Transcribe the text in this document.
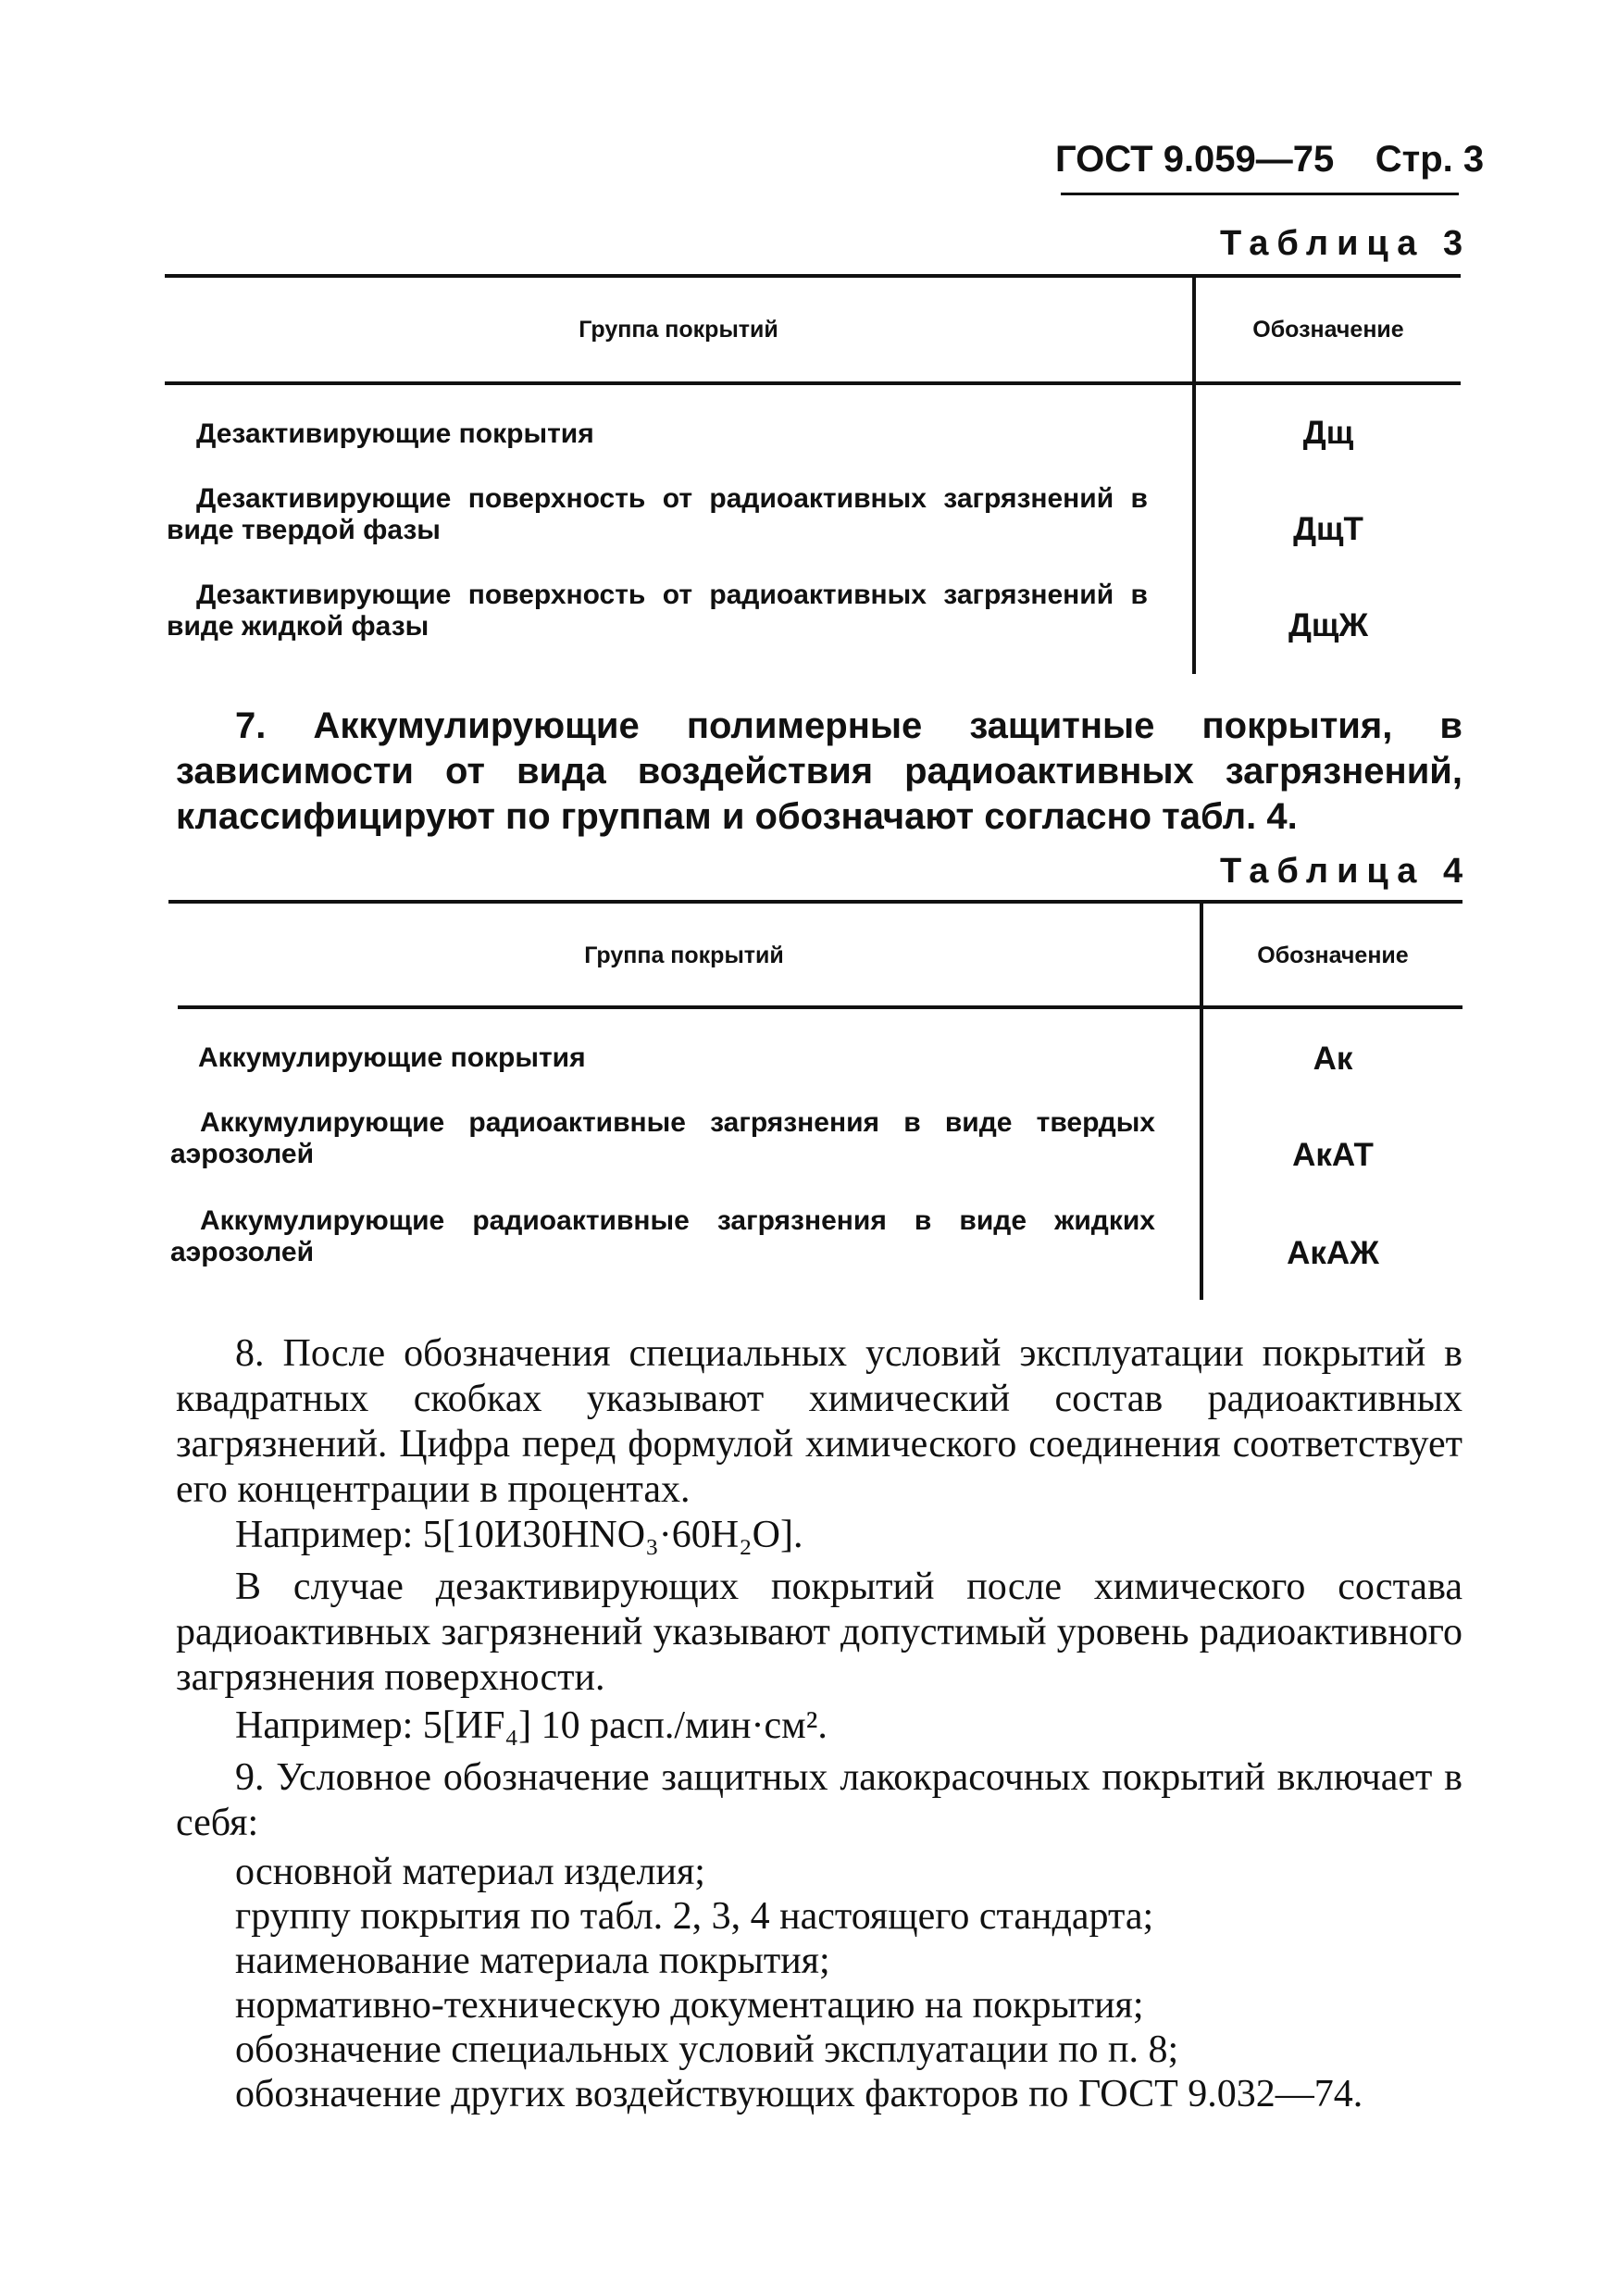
ГОСТ 9.059—75 Стр. 3
Таблица 3
Группа покрытий	Обозначение
Дезактивирующие покрытия	Дщ
Дезактивирующие поверхность от радиоактивных загрязнений в виде твердой фазы	ДщТ
Дезактивирующие поверхность от радиоактивных загрязнений в виде жидкой фазы	ДщЖ
7. Аккумулирующие полимерные защитные покрытия, в зависимости от вида воздействия радиоактивных загрязнений, классифицируют по группам и обозначают согласно табл. 4.
Таблица 4
Группа покрытий	Обозначение
Аккумулирующие покрытия	Ак
Аккумулирующие радиоактивные загрязнения в виде твердых аэрозолей	АкАТ
Аккумулирующие радиоактивные загрязнения в виде жидких аэрозолей	АкАЖ
8. После обозначения специальных условий эксплуатации покрытий в квадратных скобках указывают химический состав радиоактивных загрязнений. Цифра перед формулой химического соединения соответствует его концентрации в процентах.
Например: 5[10И30HNO₃·60H₂O].
В случае дезактивирующих покрытий после химического состава радиоактивных загрязнений указывают допустимый уровень радиоактивного загрязнения поверхности.
Например: 5[ИF₄] 10 расп./мин·см².
9. Условное обозначение защитных лакокрасочных покрытий включает в себя:
основной материал изделия;
группу покрытия по табл. 2, 3, 4 настоящего стандарта;
наименование материала покрытия;
нормативно-техническую документацию на покрытия;
обозначение специальных условий эксплуатации по п. 8;
обозначение других воздействующих факторов по ГОСТ 9.032—74.
